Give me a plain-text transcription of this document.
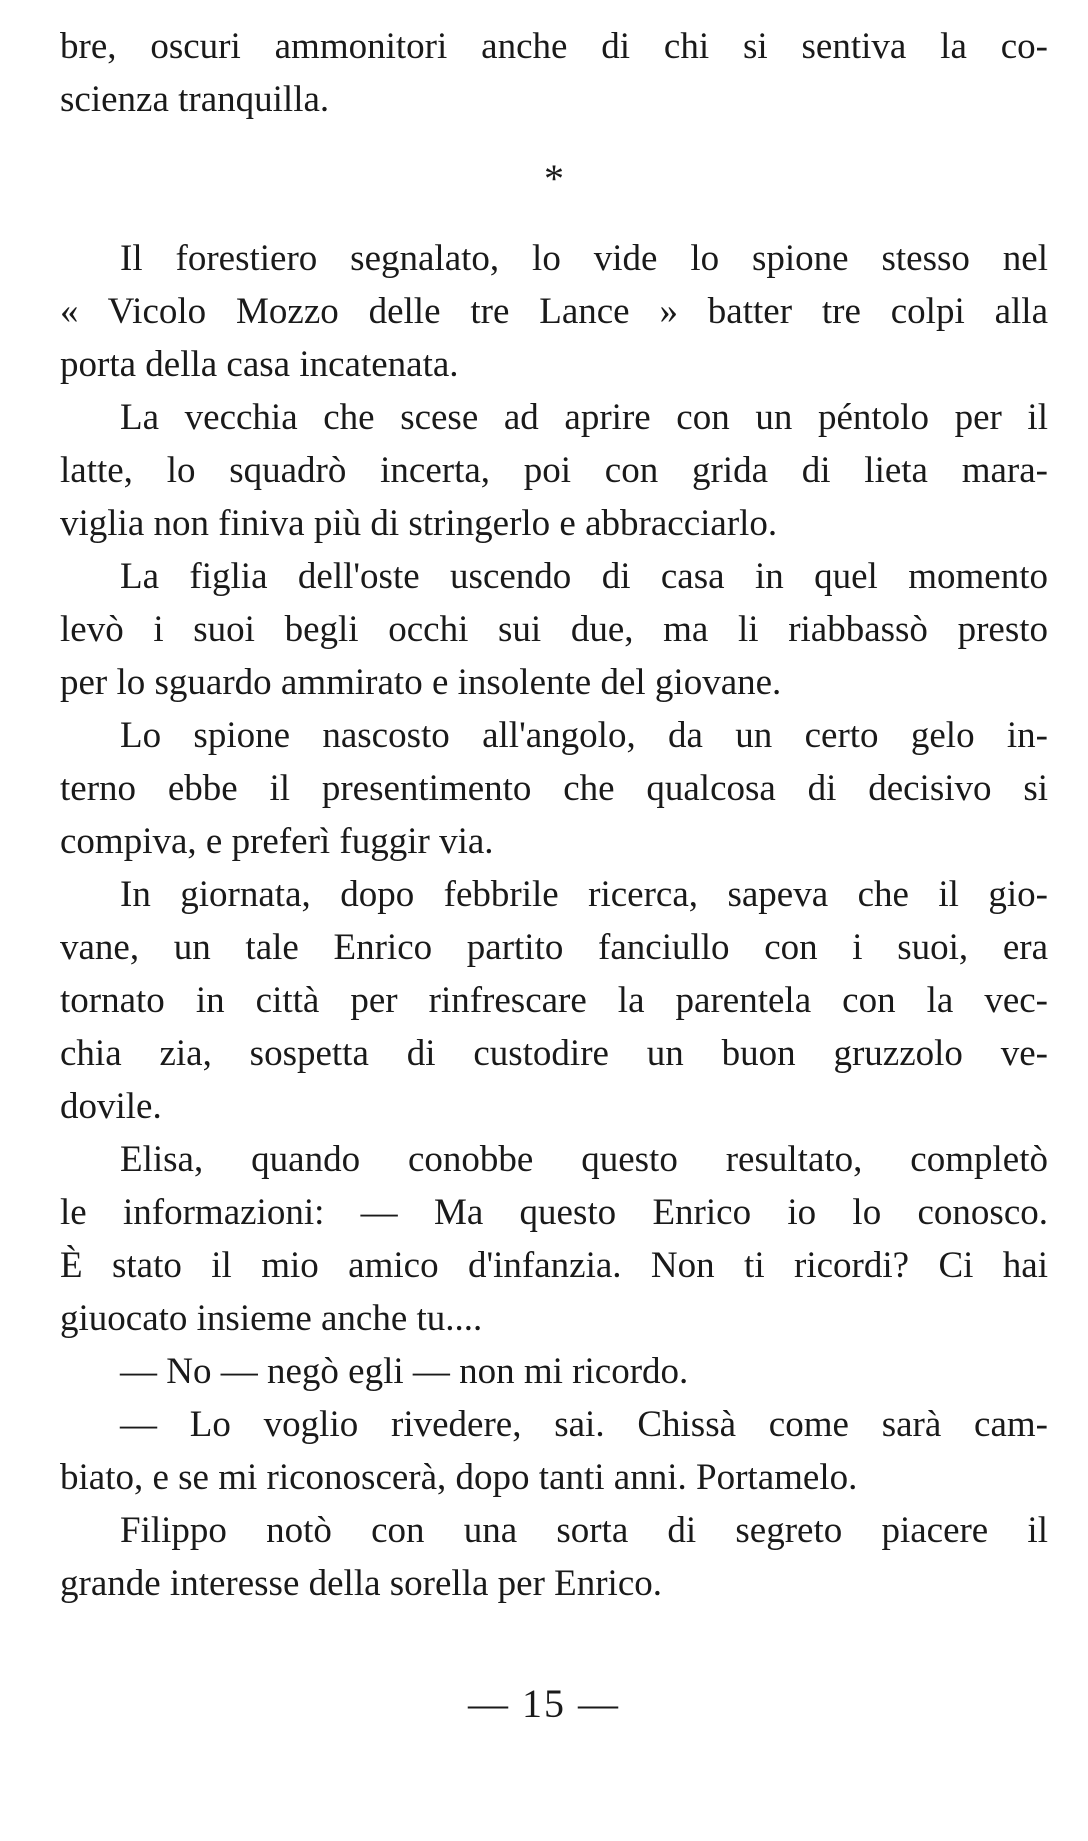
bre, oscuri ammonitori anche di chi si sentiva la co-
scienza tranquilla.
*
Il forestiero segnalato, lo vide lo spione stesso nel
« Vicolo Mozzo delle tre Lance » batter tre colpi alla
porta della casa incatenata.
La vecchia che scese ad aprire con un péntolo per il
latte, lo squadrò incerta, poi con grida di lieta mara-
viglia non finiva più di stringerlo e abbracciarlo.
La figlia dell'oste uscendo di casa in quel momento
levò i suoi begli occhi sui due, ma li riabbassò presto
per lo sguardo ammirato e insolente del giovane.
Lo spione nascosto all'angolo, da un certo gelo in-
terno ebbe il presentimento che qualcosa di decisivo si
compiva, e preferì fuggir via.
In giornata, dopo febbrile ricerca, sapeva che il gio-
vane, un tale Enrico partito fanciullo con i suoi, era
tornato in città per rinfrescare la parentela con la vec-
chia zia, sospetta di custodire un buon gruzzolo ve-
dovile.
Elisa, quando conobbe questo resultato, completò
le informazioni: — Ma questo Enrico io lo conosco.
È stato il mio amico d'infanzia. Non ti ricordi? Ci hai
giuocato insieme anche tu....
— No — negò egli — non mi ricordo.
— Lo voglio rivedere, sai. Chissà come sarà cam-
biato, e se mi riconoscerà, dopo tanti anni. Portamelo.
Filippo notò con una sorta di segreto piacere il
grande interesse della sorella per Enrico.
— 15 —
